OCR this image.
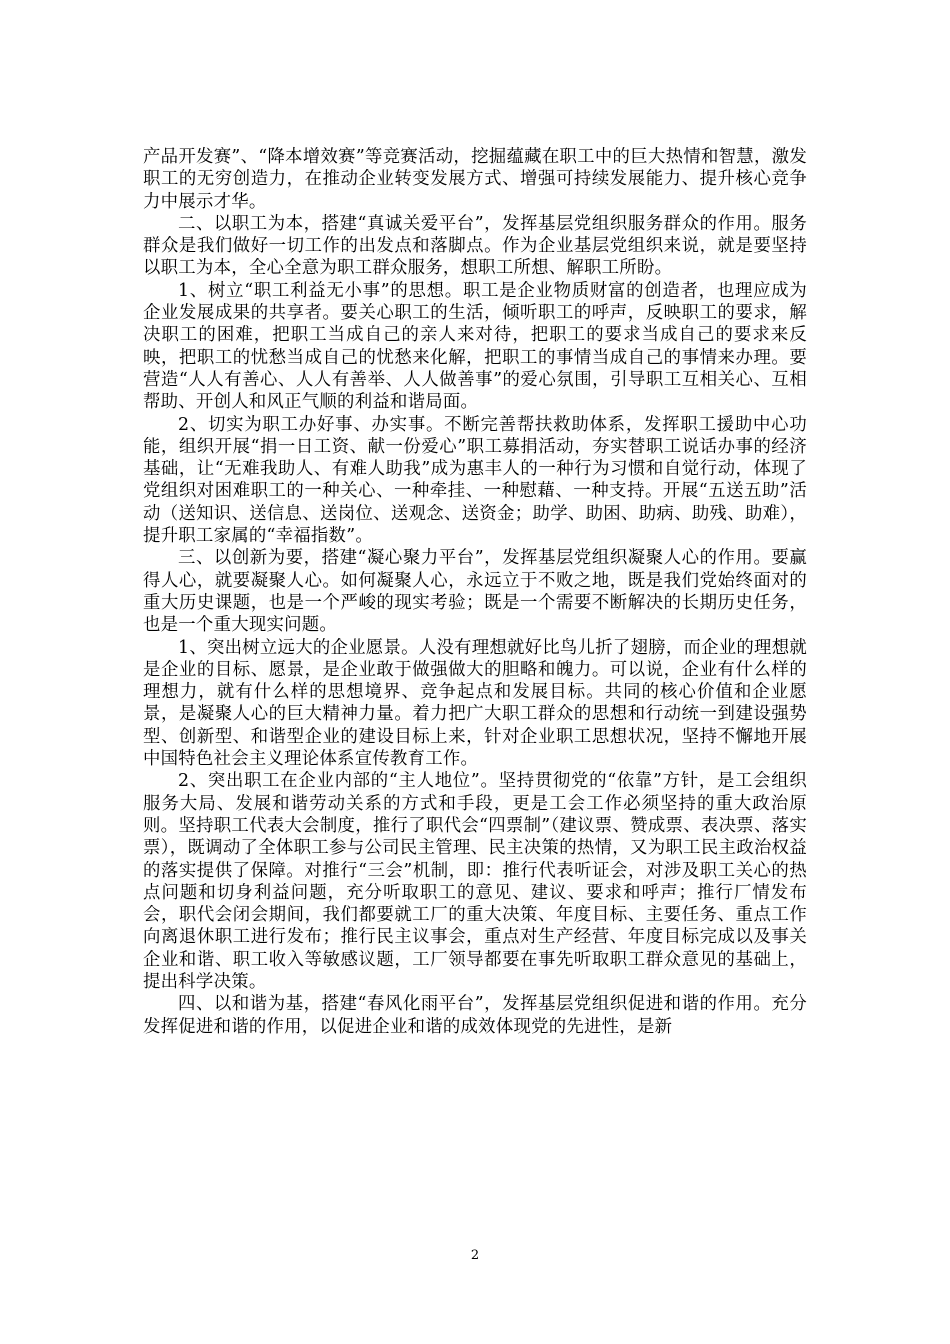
产品开发赛”、“降本增效赛”等竞赛活动，挖掘蕴藏在职工中的巨大热情和智慧，激发职工的无穷创造力，在推动企业转变发展方式、增强可持续发展能力、提升核心竞争力中展示才华。

二、以职工为本，搭建“真诚关爱平台”，发挥基层党组织服务群众的作用。服务群众是我们做好一切工作的出发点和落脚点。作为企业基层党组织来说，就是要坚持以职工为本，全心全意为职工群众服务，想职工所想、解职工所盼。

1、树立“职工利益无小事”的思想。职工是企业物质财富的创造者，也理应成为企业发展成果的共享者。要关心职工的生活，倾听职工的呼声，反映职工的要求，解决职工的困难，把职工当成自己的亲人来对待，把职工的要求当成自己的要求来反映，把职工的忧愁当成自己的忧愁来化解，把职工的事情当成自己的事情来办理。要营造“人人有善心、人人有善举、人人做善事”的爱心氛围，引导职工互相关心、互相帮助、开创人和风正气顺的利益和谐局面。

2、切实为职工办好事、办实事。不断完善帮扶救助体系，发挥职工援助中心功能，组织开展“捐一日工资、献一份爱心”职工募捐活动，夯实替职工说话办事的经济基础，让“无难我助人、有难人助我”成为惠丰人的一种行为习惯和自觉行动，体现了党组织对困难职工的一种关心、一种牵挂、一种慰藉、一种支持。开展“五送五助”活动（送知识、送信息、送岗位、送观念、送资金；助学、助困、助病、助残、助难），提升职工家属的“幸福指数”。

三、以创新为要，搭建“凝心聚力平台”，发挥基层党组织凝聚人心的作用。要赢得人心，就要凝聚人心。如何凝聚人心，永远立于不败之地，既是我们党始终面对的重大历史课题，也是一个严峻的现实考验；既是一个需要不断解决的长期历史任务，也是一个重大现实问题。

1、突出树立远大的企业愿景。人没有理想就好比鸟儿折了翅膀，而企业的理想就是企业的目标、愿景，是企业敢于做强做大的胆略和魄力。可以说，企业有什么样的理想力，就有什么样的思想境界、竞争起点和发展目标。共同的核心价值和企业愿景，是凝聚人心的巨大精神力量。着力把广大职工群众的思想和行动统一到建设强势型、创新型、和谐型企业的建设目标上来，针对企业职工思想状况，坚持不懈地开展中国特色社会主义理论体系宣传教育工作。

2、突出职工在企业内部的“主人地位”。坚持贯彻党的“依靠”方针，是工会组织服务大局、发展和谐劳动关系的方式和手段，更是工会工作必须坚持的重大政治原则。坚持职工代表大会制度，推行了职代会“四票制”（建议票、赞成票、表决票、落实票），既调动了全体职工参与公司民主管理、民主决策的热情，又为职工民主政治权益的落实提供了保障。对推行“三会”机制，即：推行代表听证会，对涉及职工关心的热点问题和切身利益问题，充分听取职工的意见、建议、要求和呼声；推行厂情发布会，职代会闭会期间，我们都要就工厂的重大决策、年度目标、主要任务、重点工作向离退休职工进行发布；推行民主议事会，重点对生产经营、年度目标完成以及事关企业和谐、职工收入等敏感议题，工厂领导都要在事先听取职工群众意见的基础上，提出科学决策。

四、以和谐为基，搭建“春风化雨平台”，发挥基层党组织促进和谐的作用。充分发挥促进和谐的作用，以促进企业和谐的成效体现党的先进性，是新

2
